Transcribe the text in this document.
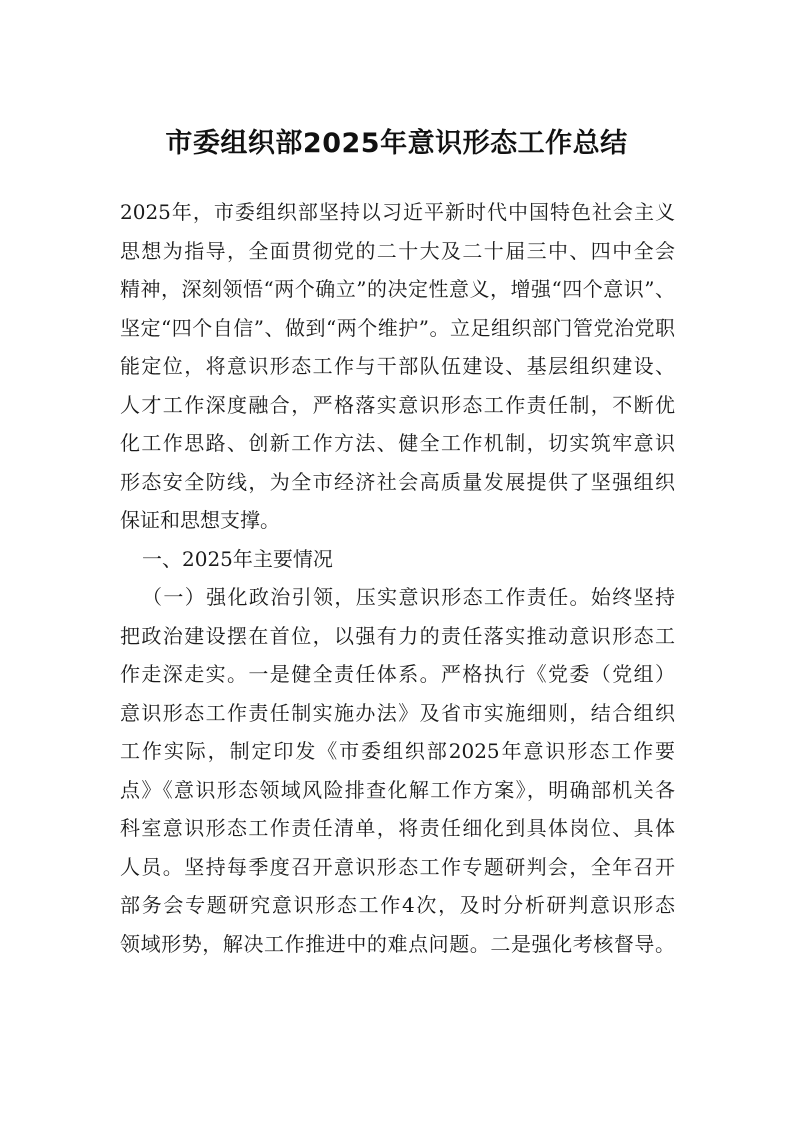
市委组织部2025年意识形态工作总结
2025年，市委组织部坚持以习近平新时代中国特色社会主义
思想为指导，全面贯彻党的二十大及二十届三中、四中全会
精神，深刻领悟“两个确立”的决定性意义，增强“四个意识”、
坚定“四个自信”、做到“两个维护”。立足组织部门管党治党职
能定位，将意识形态工作与干部队伍建设、基层组织建设、
人才工作深度融合，严格落实意识形态工作责任制，不断优
化工作思路、创新工作方法、健全工作机制，切实筑牢意识
形态安全防线，为全市经济社会高质量发展提供了坚强组织
保证和思想支撑。
一、2025年主要情况
（一）强化政治引领，压实意识形态工作责任。始终坚持
把政治建设摆在首位，以强有力的责任落实推动意识形态工
作走深走实。一是健全责任体系。严格执行《党委（党组）
意识形态工作责任制实施办法》及省市实施细则，结合组织
工作实际，制定印发《市委组织部2025年意识形态工作要
点》《意识形态领域风险排查化解工作方案》，明确部机关各
科室意识形态工作责任清单，将责任细化到具体岗位、具体
人员。坚持每季度召开意识形态工作专题研判会，全年召开
部务会专题研究意识形态工作4次，及时分析研判意识形态
领域形势，解决工作推进中的难点问题。二是强化考核督导。
